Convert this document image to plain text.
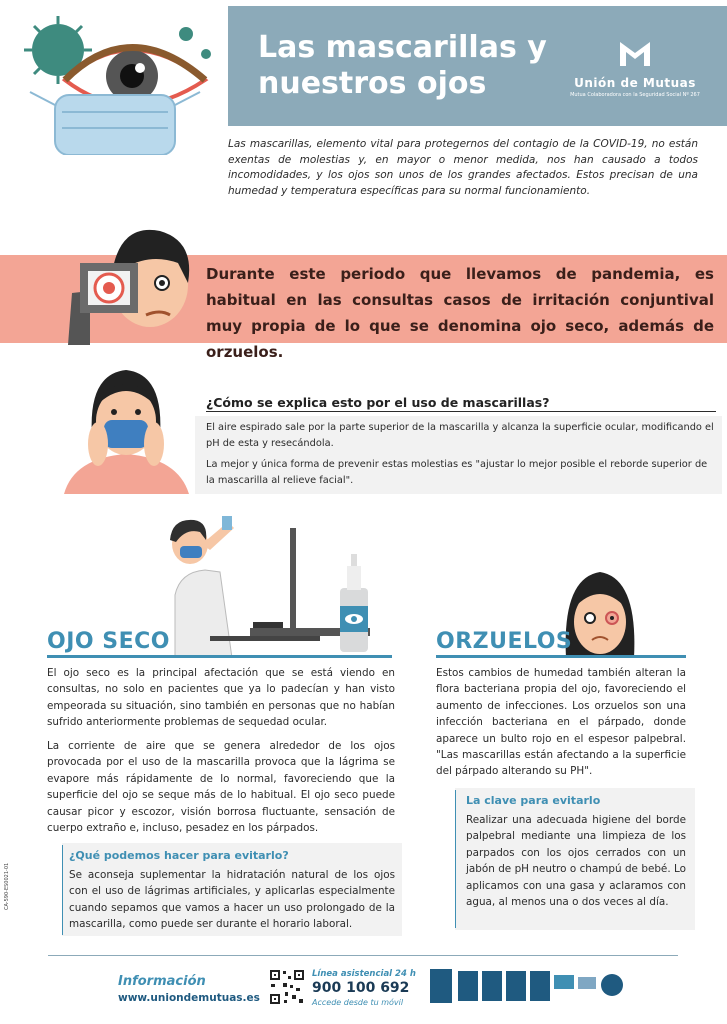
Las mascarillas y
nuestros ojos	Unión de Mutuas
Mutua Colaboradora con la Seguridad Social Nº 267
Las mascarillas, elemento vital para protegernos del contagio de la COVID-19, no están exentas de molestias y, en mayor o menor medida, nos han causado a todos incomodidades, y los ojos son unos de los grandes afectados. Estos precisan de una humedad y temperatura específicas para su normal funcionamiento.
Durante este periodo que llevamos de pandemia, es habitual en las consultas casos de irritación conjuntival muy propia de lo que se denomina ojo seco, además de orzuelos.
¿Cómo se explica esto por el uso de mascarillas?
El aire espirado sale por la parte superior de la mascarilla y alcanza la superficie ocular, modificando el pH de esta y resecándola.
La mejor y única forma de prevenir estas molestias es "ajustar lo mejor posible el reborde superior de la mascarilla al relieve facial".
OJO SECO
El ojo seco es la principal afectación que se está viendo en consultas, no solo en pacientes que ya lo padecían y han visto empeorada su situación, sino también en personas que no habían sufrido anteriormente problemas de sequedad ocular.
La corriente de aire que se genera alrededor de los ojos provocada por el uso de la mascarilla provoca que la lágrima se evapore más rápidamente de lo normal, favoreciendo que la superficie del ojo se seque más de lo habitual. El ojo seco puede causar picor y escozor, visión borrosa fluctuante, sensación de cuerpo extraño e, incluso, pesadez en los párpados.
¿Qué podemos hacer para evitarlo?
Se aconseja suplementar la hidratación natural de los ojos con el uso de lágrimas artificiales, y aplicarlas especialmente cuando sepamos que vamos a hacer un uso prolongado de la mascarilla, como puede ser durante el horario laboral.
ORZUELOS
Estos cambios de humedad también alteran la flora bacteriana propia del ojo, favoreciendo el aumento de infecciones. Los orzuelos son una infección bacteriana en el párpado, donde aparece un bulto rojo en el espesor palpebral. "Las mascarillas están afectando a la superficie del párpado alterando su PH".
La clave para evitarlo
Realizar una adecuada higiene del borde palpebral mediante una limpieza de los parpados con los ojos cerrados con un jabón de pH neutro o champú de bebé. Lo aplicamos con una gasa y aclaramos con agua, al menos una o dos veces al día.
CA-590-ES0021-01
Información
www.uniondemutuas.es
Línea asistencial 24 h
900 100 692
Accede desde tu móvil
